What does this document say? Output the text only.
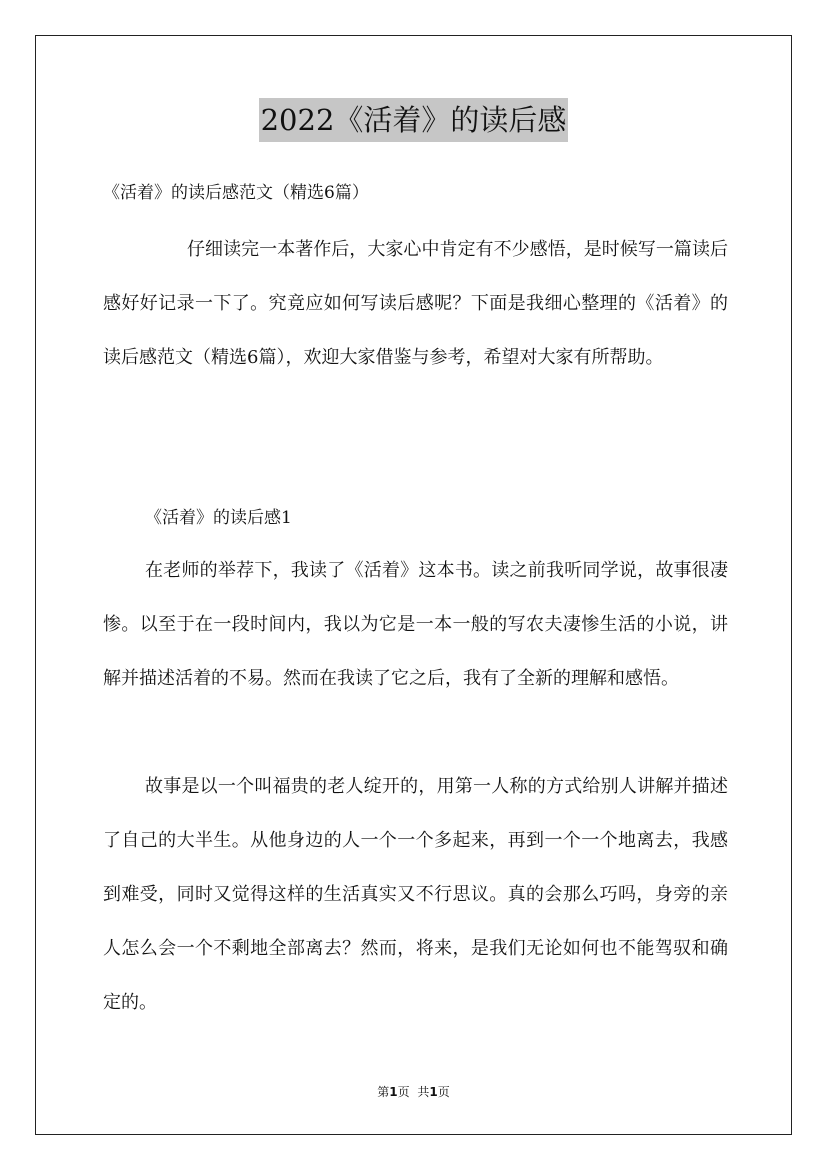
2022《活着》的读后感
《活着》的读后感范文（精选6篇）

仔细读完一本著作后，大家心中肯定有不少感悟，是时候写一篇读后感好好记录一下了。究竟应如何写读后感呢？下面是我细心整理的《活着》的读后感范文（精选6篇），欢迎大家借鉴与参考，希望对大家有所帮助。

《活着》的读后感1

在老师的举荐下，我读了《活着》这本书。读之前我听同学说，故事很凄惨。以至于在一段时间内，我以为它是一本一般的写农夫凄惨生活的小说，讲解并描述活着的不易。然而在我读了它之后，我有了全新的理解和感悟。

故事是以一个叫福贵的老人绽开的，用第一人称的方式给别人讲解并描述了自己的大半生。从他身边的人一个一个多起来，再到一个一个地离去，我感到难受，同时又觉得这样的生活真实又不行思议。真的会那么巧吗，身旁的亲人怎么会一个不剩地全部离去？然而，将来，是我们无论如何也不能驾驭和确定的。

第1页 共1页
